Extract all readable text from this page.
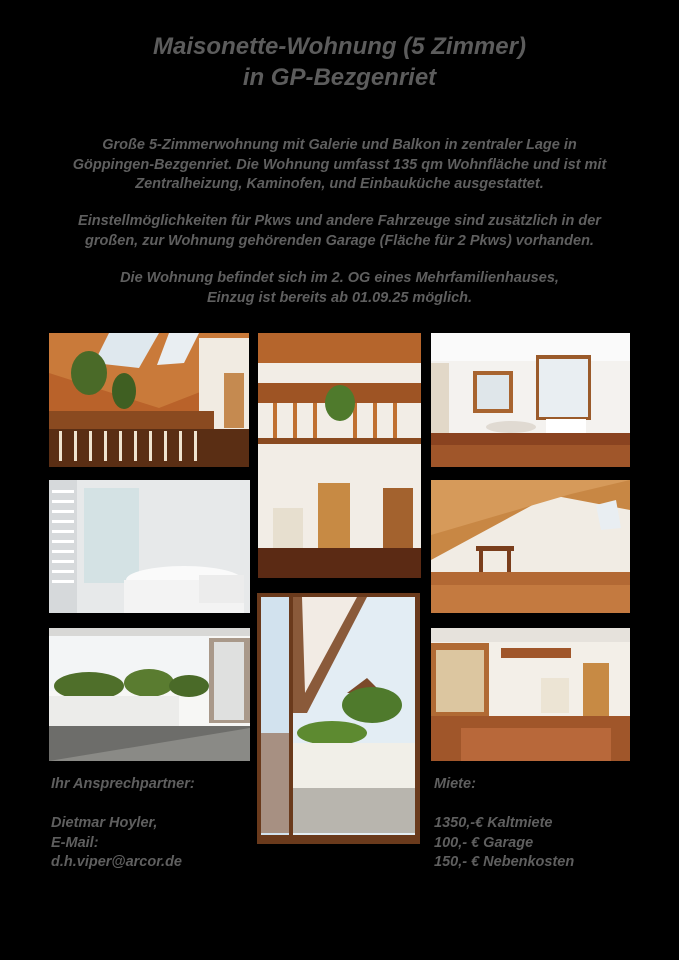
Maisonette-Wohnung (5 Zimmer)
in GP-Bezgenriet
Große 5-Zimmerwohnung mit Galerie und Balkon in zentraler Lage in
Göppingen-Bezgenriet. Die Wohnung umfasst 135 qm Wohnfläche und ist mit
Zentralheizung, Kaminofen, und Einbauküche ausgestattet.
Einstellmöglichkeiten für Pkws und andere Fahrzeuge sind zusätzlich in der
großen, zur Wohnung gehörenden Garage (Fläche für 2 Pkws) vorhanden.
Die Wohnung befindet sich im 2. OG eines Mehrfamilienhauses,
Einzug ist bereits ab 01.09.25 möglich.
Ihr Ansprechpartner:
Dietmar Hoyler,
E-Mail:
d.h.viper@arcor.de
Miete:
1350,-€ Kaltmiete
100,- € Garage
150,- € Nebenkosten
